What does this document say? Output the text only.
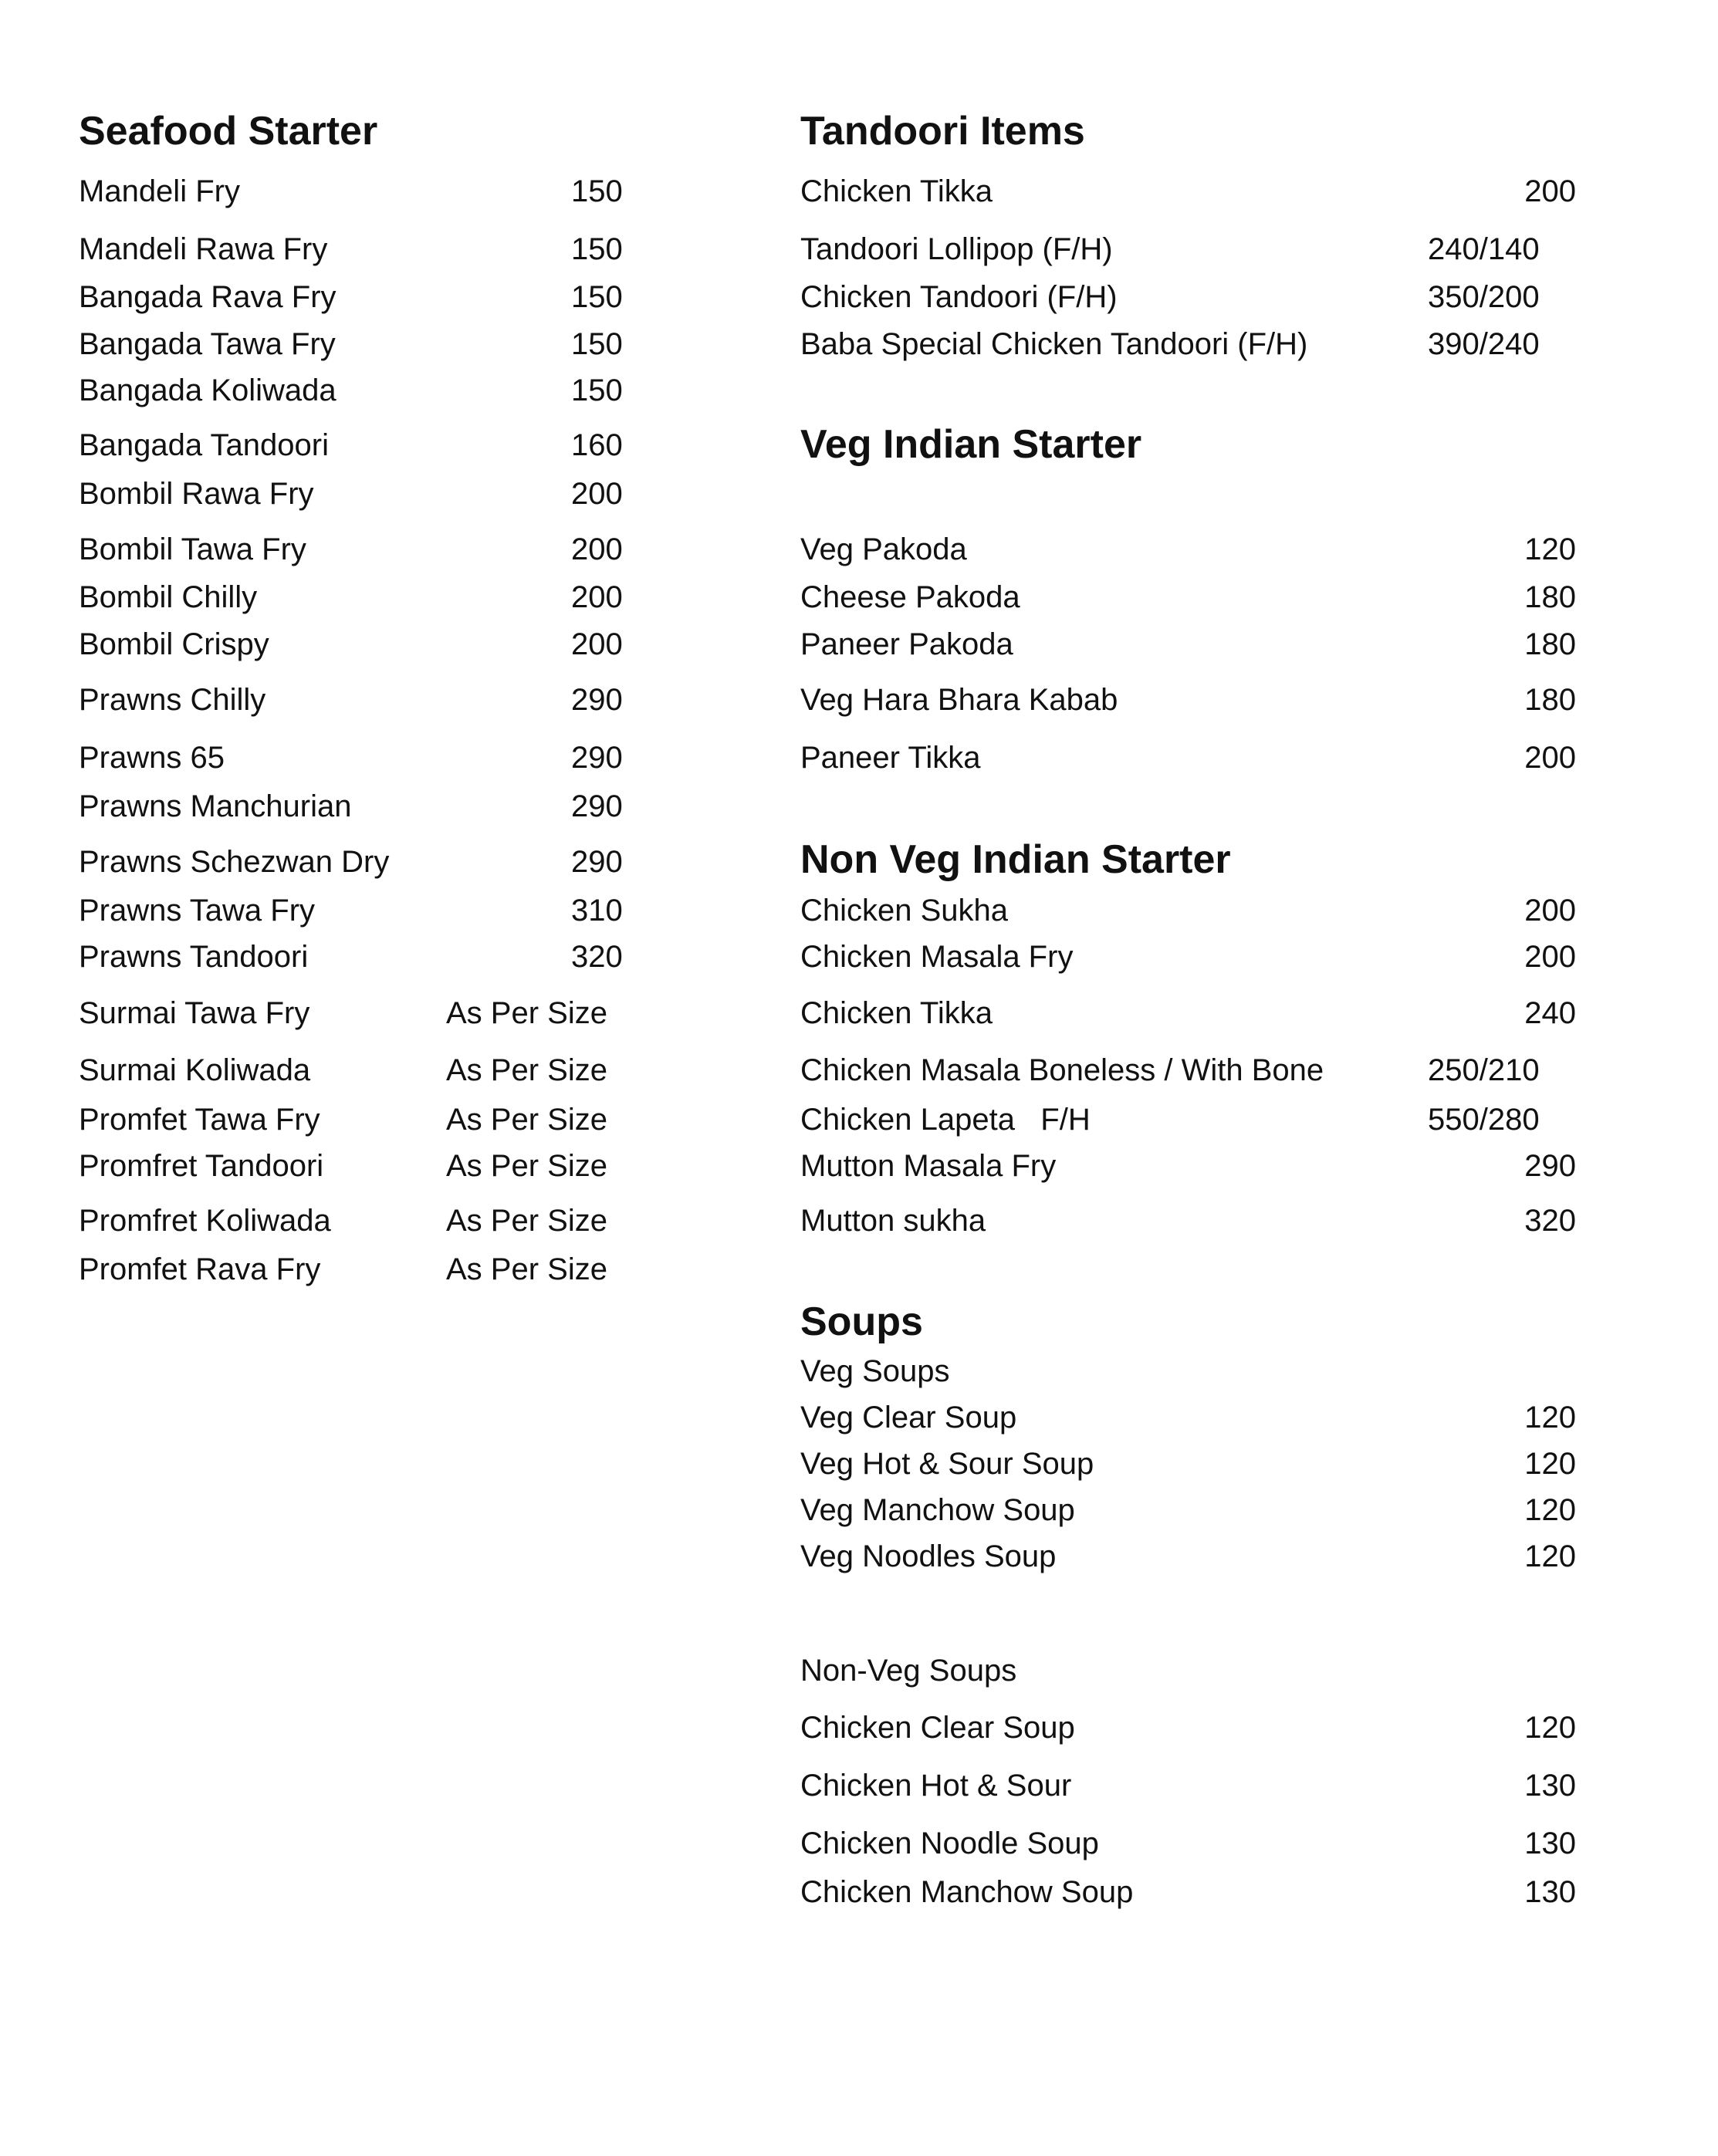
Seafood Starter
Mandeli Fry	150
Mandeli Rawa Fry	150
Bangada Rava Fry	150
Bangada Tawa Fry	150
Bangada Koliwada	150
Bangada Tandoori	160
Bombil Rawa Fry	200
Bombil Tawa Fry	200
Bombil Chilly	200
Bombil Crispy	200
Prawns Chilly	290
Prawns 65	290
Prawns Manchurian	290
Prawns Schezwan Dry	290
Prawns Tawa Fry	310
Prawns Tandoori	320
Surmai Tawa Fry	As Per Size
Surmai Koliwada	As Per Size
Promfet Tawa Fry	As Per Size
Promfret Tandoori	As Per Size
Promfret Koliwada	As Per Size
Promfet Rava Fry	As Per Size
Tandoori Items
Chicken Tikka	200
Tandoori Lollipop (F/H)	240/140
Chicken Tandoori (F/H)	350/200
Baba Special Chicken Tandoori (F/H)	390/240
Veg Indian Starter
Veg Pakoda	120
Cheese Pakoda	180
Paneer Pakoda	180
Veg Hara Bhara Kabab	180
Paneer Tikka	200
Non Veg Indian Starter
Chicken Sukha	200
Chicken Masala Fry	200
Chicken Tikka	240
Chicken Masala Boneless / With Bone	250/210
Chicken Lapeta   F/H	550/280
Mutton Masala Fry	290
Mutton sukha	320
Soups
Veg Soups
Veg Clear Soup	120
Veg Hot & Sour Soup	120
Veg Manchow Soup	120
Veg Noodles Soup	120
Non-Veg Soups
Chicken Clear Soup	120
Chicken Hot & Sour	130
Chicken Noodle Soup	130
Chicken Manchow Soup	130
